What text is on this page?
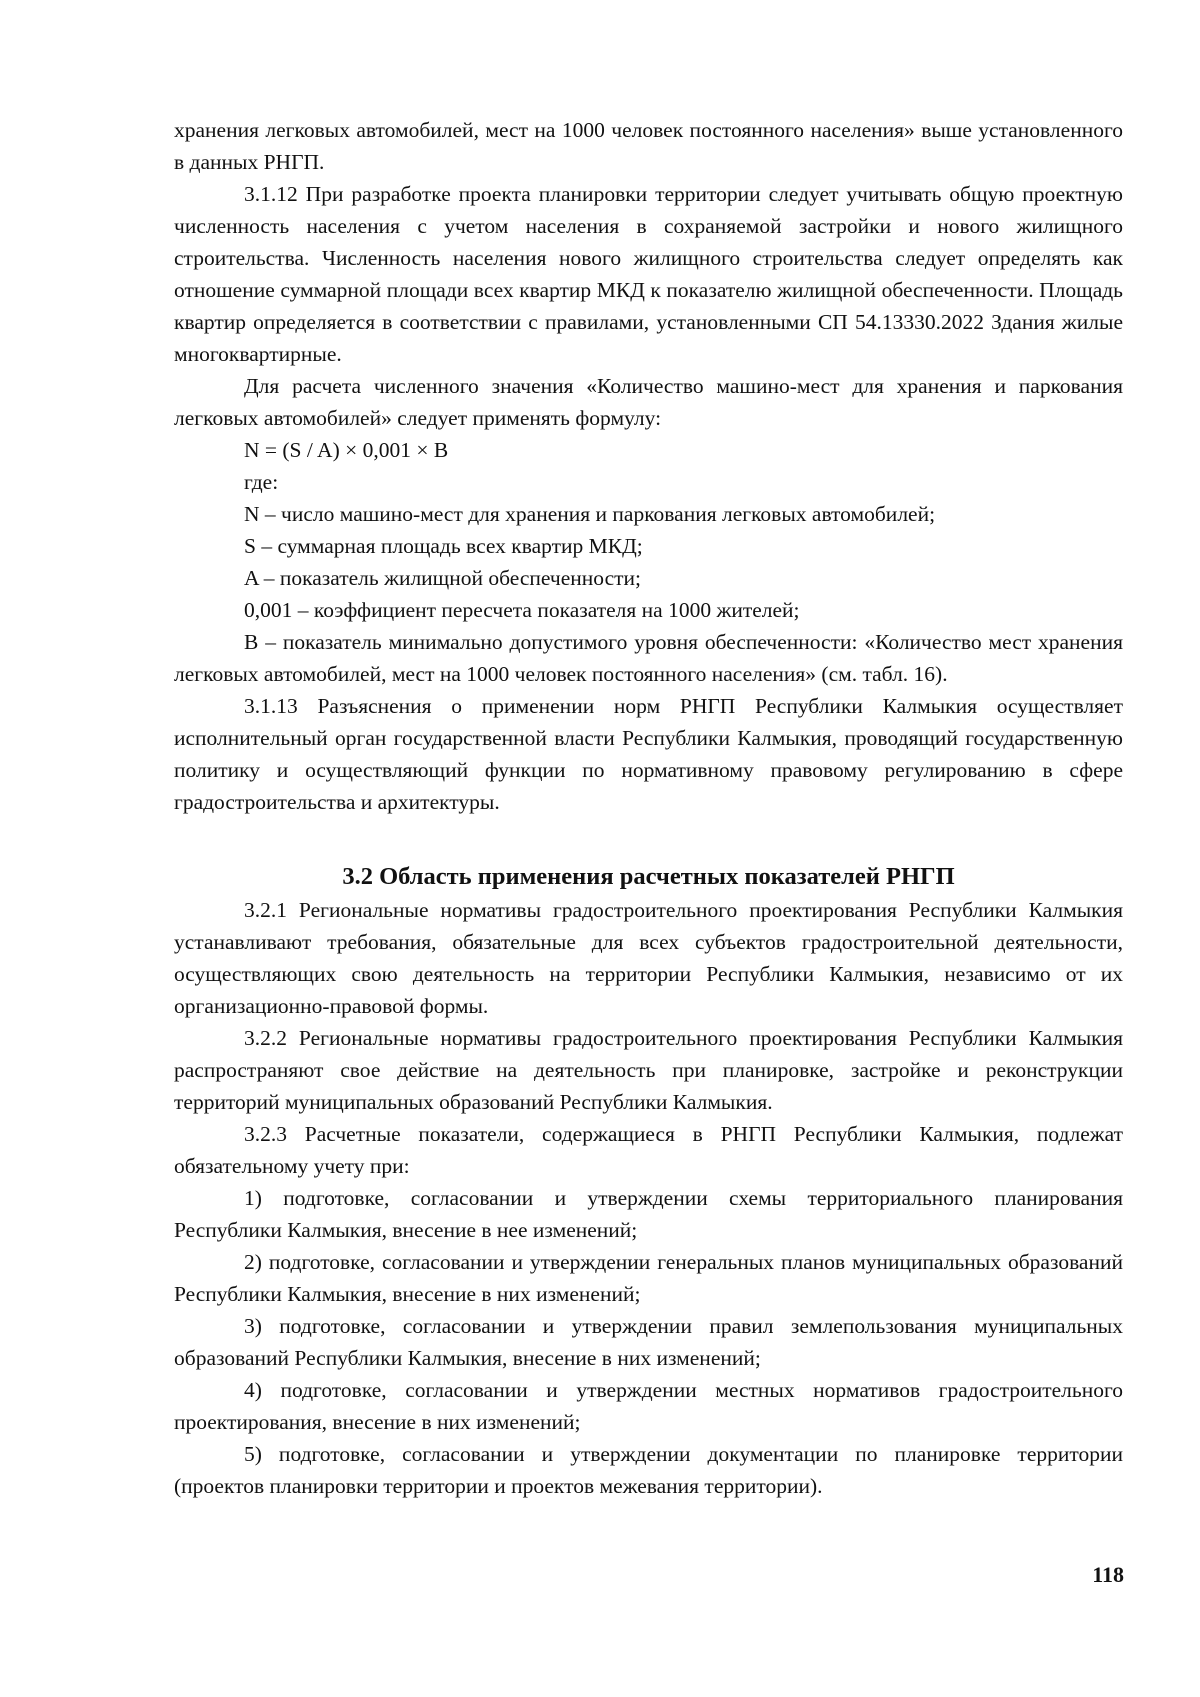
хранения легковых автомобилей, мест на 1000 человек постоянного населения» выше установленного в данных РНГП.

3.1.12 При разработке проекта планировки территории следует учитывать общую проектную численность населения с учетом населения в сохраняемой застройки и нового жилищного строительства. Численность населения нового жилищного строительства следует определять как отношение суммарной площади всех квартир МКД к показателю жилищной обеспеченности. Площадь квартир определяется в соответствии с правилами, установленными СП 54.13330.2022 Здания жилые многоквартирные.

Для расчета численного значения «Количество машино-мест для хранения и паркования легковых автомобилей» следует применять формулу:

N = (S / A) × 0,001 × B

где:

N – число машино-мест для хранения и паркования легковых автомобилей;

S – суммарная площадь всех квартир МКД;

A – показатель жилищной обеспеченности;

0,001 – коэффициент пересчета показателя на 1000 жителей;

B – показатель минимально допустимого уровня обеспеченности: «Количество мест хранения легковых автомобилей, мест на 1000 человек постоянного населения» (см. табл. 16).

3.1.13 Разъяснения о применении норм РНГП Республики Калмыкия осуществляет исполнительный орган государственной власти Республики Калмыкия, проводящий государственную политику и осуществляющий функции по нормативному правовому регулированию в сфере градостроительства и архитектуры.

3.2 Область применения расчетных показателей РНГП

3.2.1 Региональные нормативы градостроительного проектирования Республики Калмыкия устанавливают требования, обязательные для всех субъектов градостроительной деятельности, осуществляющих свою деятельность на территории Республики Калмыкия, независимо от их организационно-правовой формы.

3.2.2 Региональные нормативы градостроительного проектирования Республики Калмыкия распространяют свое действие на деятельность при планировке, застройке и реконструкции территорий муниципальных образований Республики Калмыкия.

3.2.3 Расчетные показатели, содержащиеся в РНГП Республики Калмыкия, подлежат обязательному учету при:

1) подготовке, согласовании и утверждении схемы территориального планирования Республики Калмыкия, внесение в нее изменений;

2) подготовке, согласовании и утверждении генеральных планов муниципальных образований Республики Калмыкия, внесение в них изменений;

3) подготовке, согласовании и утверждении правил землепользования муниципальных образований Республики Калмыкия, внесение в них изменений;

4) подготовке, согласовании и утверждении местных нормативов градостроительного проектирования, внесение в них изменений;

5) подготовке, согласовании и утверждении документации по планировке территории (проектов планировки территории и проектов межевания территории).

118
